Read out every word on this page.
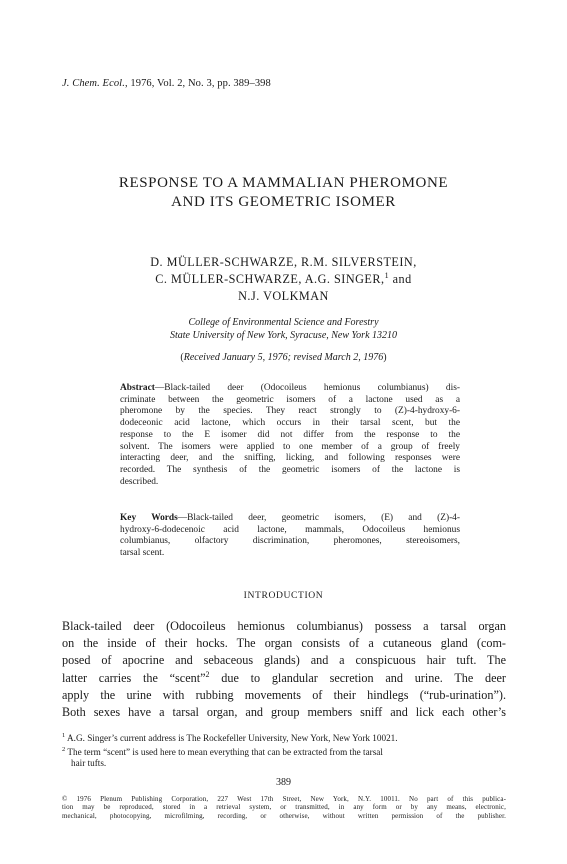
J. Chem. Ecol., 1976, Vol. 2, No. 3, pp. 389–398
RESPONSE TO A MAMMALIAN PHEROMONE
AND ITS GEOMETRIC ISOMER
D. MÜLLER-SCHWARZE, R.M. SILVERSTEIN,
C. MÜLLER-SCHWARZE, A.G. SINGER,$^1$ and
N.J. VOLKMAN
College of Environmental Science and Forestry
State University of New York, Syracuse, New York 13210
(Received January 5, 1976; revised March 2, 1976)
Abstract—Black-tailed deer (Odocoileus hemionus columbianus) dis-
criminate between the geometric isomers of a lactone used as a
pheromone by the species. They react strongly to (Z)-4-hydroxy-6-
dodeceonic acid lactone, which occurs in their tarsal scent, but the
response to the E isomer did not differ from the response to the
solvent. The isomers were applied to one member of a group of freely
interacting deer, and the sniffing, licking, and following responses were
recorded. The synthesis of the geometric isomers of the lactone is
described.
Key Words—Black-tailed deer, geometric isomers, (E) and (Z)-4-
hydroxy-6-dodecenoic acid lactone, mammals, Odocoileus hemionus
columbianus, olfactory discrimination, pheromones, stereoisomers,
tarsal scent.
INTRODUCTION
Black-tailed deer (Odocoileus hemionus columbianus) possess a tarsal organ
on the inside of their hocks. The organ consists of a cutaneous gland (com-
posed of apocrine and sebaceous glands) and a conspicuous hair tuft. The
latter carries the “scent”$^2$ due to glandular secretion and urine. The deer
apply the urine with rubbing movements of their hindlegs (“rub-urination”).
Both sexes have a tarsal organ, and group members sniff and lick each other’s

$^1$ A.G. Singer’s current address is The Rockefeller University, New York, New York 10021.

$^2$ The term “scent” is used here to mean everything that can be extracted from the tarsal

hair tufts.

389
© 1976 Plenum Publishing Corporation, 227 West 17th Street, New York, N.Y. 10011. No part of this publica-
tion may be reproduced, stored in a retrieval system, or transmitted, in any form or by any means, electronic,
mechanical, photocopying, microfilming, recording, or otherwise, without written permission of the publisher.
